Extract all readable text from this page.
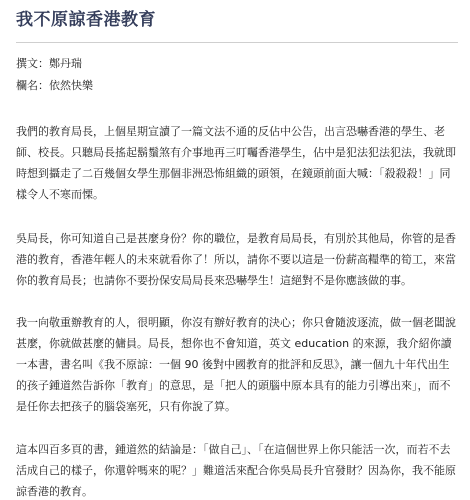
我不原諒香港教育
撰文：鄭丹瑞
欄名：依然快樂

我們的教育局長，上個星期宣讀了一篇文法不通的反佔中公告，出言恐嚇香港的學生、老師、校長。只聽局長搖起鬍鬚煞有介事地再三叮囑香港學生，佔中是犯法犯法犯法，我就即時想到攝走了二百幾個女學生那個非洲恐怖組織的頭領，在鏡頭前面大喊：「殺殺殺！」同樣令人不寒而慄。

吳局長，你可知道自己是甚麼身份？你的職位，是教育局局長，有別於其他局，你管的是香港的教育，香港年輕人的未來就看你了！所以，請你不要以這是一份薪高糧準的筍工，來當你的教育局長；也請你不要扮保安局局長來恐嚇學生！這絕對不是你應該做的事。

我一向敬重辦教育的人，很明顯，你沒有辦好教育的決心；你只會隨波逐流，做一個老闆說甚麼，你就做甚麼的傭員。局長，想你也不會知道，英文 education 的來源，我介紹你讀一本書，書名叫《我不原諒：一個 90 後對中國教育的批評和反思》，讓一個九十年代出生的孩子鍾道然告訴你「教育」的意思，是「把人的頭腦中原本具有的能力引導出來」，而不是任你去把孩子的腦袋塞死，只有你說了算。

這本四百多頁的書，鍾道然的結論是：「做自己」、「在這個世界上你只能活一次，而若不去活成自己的樣子，你還幹嗎來的呢？」難道活來配合你吳局長升官發財？因為你，我不能原諒香港的教育。
